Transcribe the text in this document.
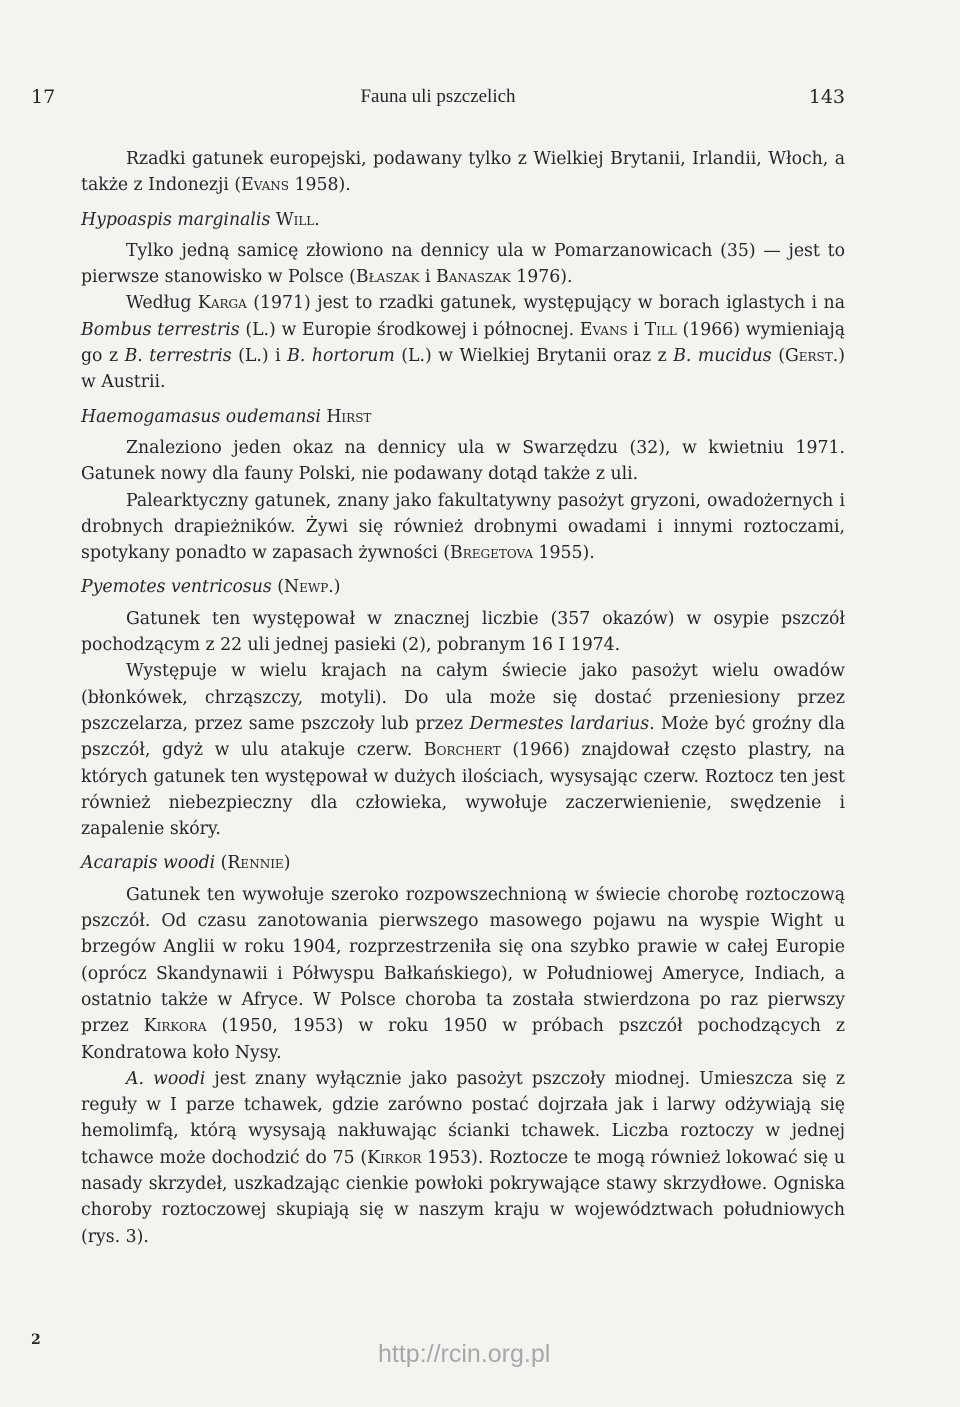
17	Fauna uli pszczelich	143

Rzadki gatunek europejski, podawany tylko z Wielkiej Brytanii, Irlandii, Włoch, a także z Indonezji (Evans 1958).

Hypoaspis marginalis Will.

Tylko jedną samicę złowiono na dennicy ula w Pomarzanowicach (35) — jest to pierwsze stanowisko w Polsce (Błaszak i Banaszak 1976).

Według Karga (1971) jest to rzadki gatunek, występujący w borach iglastych i na Bombus terrestris (L.) w Europie środkowej i północnej. Evans i Till (1966) wymieniają go z B. terrestris (L.) i B. hortorum (L.) w Wielkiej Brytanii oraz z B. mucidus (Gerst.) w Austrii.

Haemogamasus oudemansi Hirst

Znaleziono jeden okaz na dennicy ula w Swarzędzu (32), w kwietniu 1971. Gatunek nowy dla fauny Polski, nie podawany dotąd także z uli.

Palearktyczny gatunek, znany jako fakultatywny pasożyt gryzoni, owadożernych i drobnych drapieżników. Żywi się również drobnymi owadami i innymi roztoczami, spotykany ponadto w zapasach żywności (Bregetova 1955).

Pyemotes ventricosus (Newp.)

Gatunek ten występował w znacznej liczbie (357 okazów) w osypie pszczół pochodzącym z 22 uli jednej pasieki (2), pobranym 16 I 1974.

Występuje w wielu krajach na całym świecie jako pasożyt wielu owadów (błonkówek, chrząszczy, motyli). Do ula może się dostać przeniesiony przez pszczelarza, przez same pszczoły lub przez Dermestes lardarius. Może być groźny dla pszczół, gdyż w ulu atakuje czerw. Borchert (1966) znajdował często plastry, na których gatunek ten występował w dużych ilościach, wysysając czerw. Roztocz ten jest również niebezpieczny dla człowieka, wywołuje zaczerwienienie, swędzenie i zapalenie skóry.

Acarapis woodi (Rennie)

Gatunek ten wywołuje szeroko rozpowszechnioną w świecie chorobę roztoczową pszczół. Od czasu zanotowania pierwszego masowego pojawu na wyspie Wight u brzegów Anglii w roku 1904, rozprzestrzeniła się ona szybko prawie w całej Europie (oprócz Skandynawii i Półwyspu Bałkańskiego), w Południowej Ameryce, Indiach, a ostatnio także w Afryce. W Polsce choroba ta została stwierdzona po raz pierwszy przez Kirkora (1950, 1953) w roku 1950 w próbach pszczół pochodzących z Kondratowa koło Nysy.

A. woodi jest znany wyłącznie jako pasożyt pszczoły miodnej. Umieszcza się z reguły w I parze tchawek, gdzie zarówno postać dojrzała jak i larwy odżywiają się hemolimfą, którą wysysają nakłuwając ścianki tchawek. Liczba roztoczy w jednej tchawce może dochodzić do 75 (Kirkor 1953). Roztocze te mogą również lokować się u nasady skrzydeł, uszkadzając cienkie powłoki pokrywające stawy skrzydłowe. Ogniska choroby roztoczowej skupiają się w naszym kraju w województwach południowych (rys. 3).

2	http://rcin.org.pl
